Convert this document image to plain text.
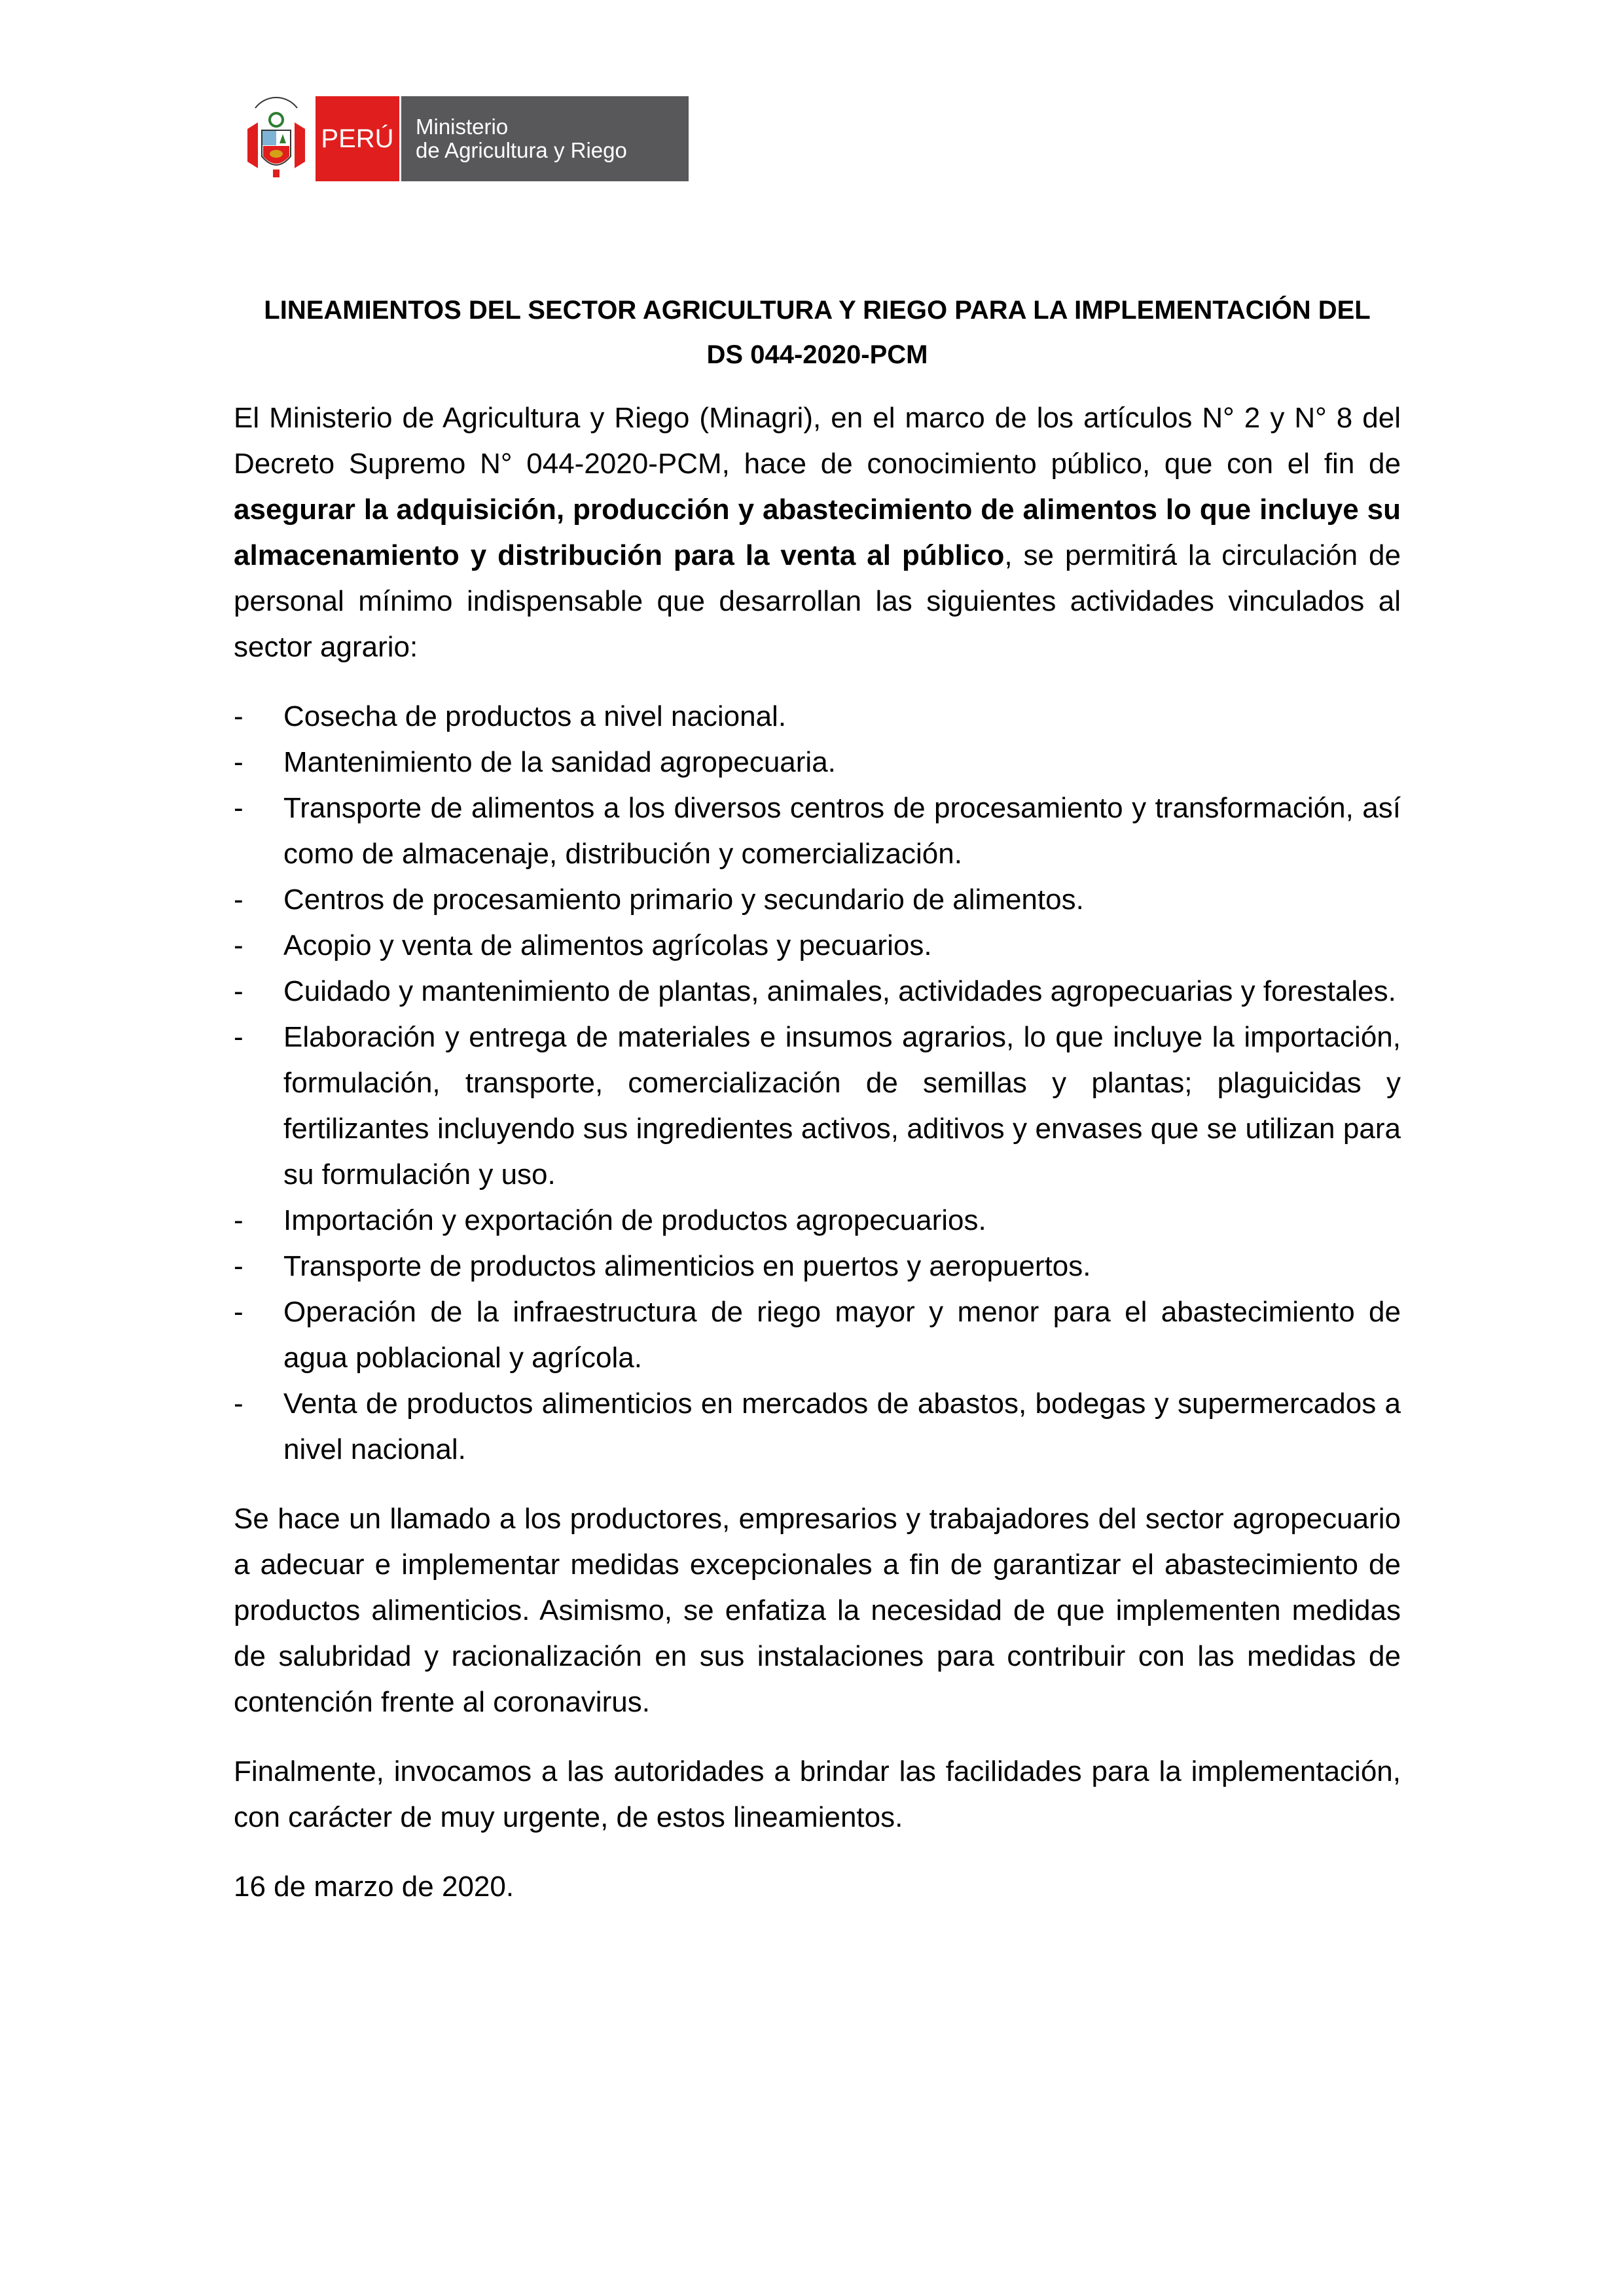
PERÚ Ministerio
de Agricultura y Riego
LINEAMIENTOS DEL SECTOR AGRICULTURA Y RIEGO PARA LA IMPLEMENTACIÓN DEL
DS 044-2020-PCM

El Ministerio de Agricultura y Riego (Minagri), en el marco de los artículos N° 2 y N° 8 del Decreto Supremo N° 044-2020-PCM, hace de conocimiento público, que con el fin de asegurar la adquisición, producción y abastecimiento de alimentos lo que incluye su almacenamiento y distribución para la venta al público, se permitirá la circulación de personal mínimo indispensable que desarrollan las siguientes actividades vinculados al sector agrario:

- Cosecha de productos a nivel nacional.
- Mantenimiento de la sanidad agropecuaria.
- Transporte de alimentos a los diversos centros de procesamiento y transformación, así como de almacenaje, distribución y comercialización.
- Centros de procesamiento primario y secundario de alimentos.
- Acopio y venta de alimentos agrícolas y pecuarios.
- Cuidado y mantenimiento de plantas, animales, actividades agropecuarias y forestales.
- Elaboración y entrega de materiales e insumos agrarios, lo que incluye la importación, formulación, transporte, comercialización de semillas y plantas; plaguicidas y fertilizantes incluyendo sus ingredientes activos, aditivos y envases que se utilizan para su formulación y uso.
- Importación y exportación de productos agropecuarios.
- Transporte de productos alimenticios en puertos y aeropuertos.
- Operación de la infraestructura de riego mayor y menor para el abastecimiento de agua poblacional y agrícola.
- Venta de productos alimenticios en mercados de abastos, bodegas y supermercados a nivel nacional.

Se hace un llamado a los productores, empresarios y trabajadores del sector agropecuario a adecuar e implementar medidas excepcionales a fin de garantizar el abastecimiento de productos alimenticios. Asimismo, se enfatiza la necesidad de que implementen medidas de salubridad y racionalización en sus instalaciones para contribuir con las medidas de contención frente al coronavirus.

Finalmente, invocamos a las autoridades a brindar las facilidades para la implementación, con carácter de muy urgente, de estos lineamientos.

16 de marzo de 2020.
